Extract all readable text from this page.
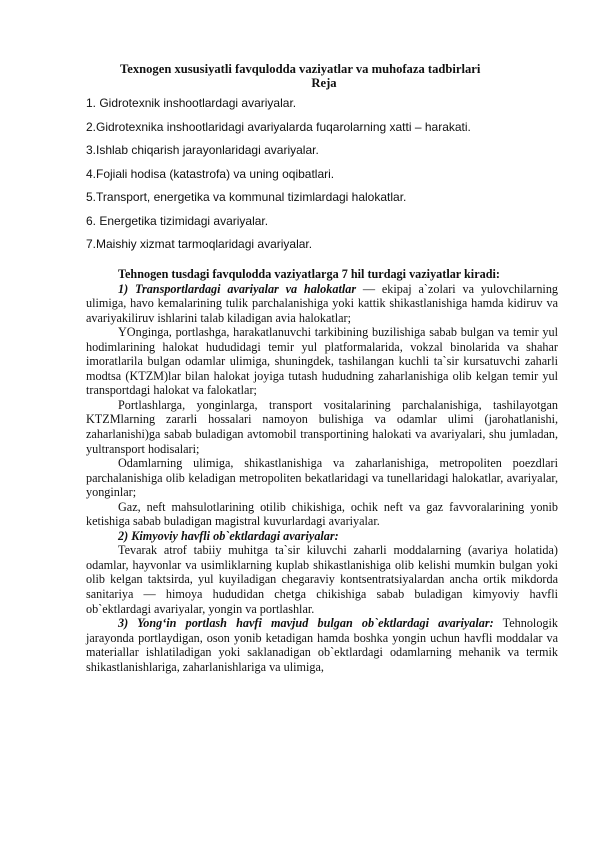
Texnogen xususiyatli favqulodda vaziyatlar va muhofaza tadbirlari
Reja
1. Gidrotexnik inshootlardagi avariyalar.
2.Gidrotexnika inshootlaridagi avariyalarda fuqarolarning xatti – harakati.
3.Ishlab chiqarish jarayonlaridagi avariyalar.
4.Fojiali hodisa (katastrofa) va uning oqibatlari.
5.Transport, energetika va kommunal tizimlardagi halokatlar.
6. Energetika tizimidagi avariyalar.
7.Maishiy xizmat tarmoqlaridagi avariyalar.

Tehnogen tusdagi favqulodda vaziyatlarga 7 hil turdagi vaziyatlar kiradi:

1) Transportlardagi avariyalar va halokatlar — ekipaj a`zolari va yulovchilarning ulimiga, havo kemalarining tulik parchalanishiga yoki kattik shikastlanishiga hamda kidiruv va avariyakiliruv ishlarini talab kiladigan avia halokatlar;

YOnginga, portlashga, harakatlanuvchi tarkibining buzilishiga sabab bulgan va temir yul hodimlarining halokat hududidagi temir yul platformalarida, vokzal binolarida va shahar imoratlarila bulgan odamlar ulimiga, shuningdek, tashilangan kuchli ta`sir kursatuvchi zaharli modtsa (KTZM)lar bilan halokat joyiga tutash hududning zaharlanishiga olib kelgan temir yul transportdagi halokat va falokatlar;

Portlashlarga, yonginlarga, transport vositalarining parchalanishiga, tashilayotgan KTZMlarning zararli hossalari namoyon bulishiga va odamlar ulimi (jarohatlanishi, zaharlanishi)ga sabab buladigan avtomobil transportining halokati va avariyalari, shu jumladan, yultransport hodisalari;

Odamlarning ulimiga, shikastlanishiga va zaharlanishiga, metropoliten poezdlari parchalanishiga olib keladigan metropoliten bekatlaridagi va tunellaridagi halokatlar, avariyalar, yonginlar;

Gaz, neft mahsulotlarining otilib chikishiga, ochik neft va gaz favvoralarining yonib ketishiga sabab buladigan magistral kuvurlardagi avariyalar.

2) Kimyoviy havfli ob`ektlardagi avariyalar:

Tevarak atrof tabiiy muhitga ta`sir kiluvchi zaharli moddalarning (avariya holatida) odamlar, hayvonlar va usimliklarning kuplab shikastlanishiga olib kelishi mumkin bulgan yoki olib kelgan taktsirda, yul kuyiladigan chegaraviy kontsentratsiyalardan ancha ortik mikdorda sanitariya — himoya hududidan chetga chikishiga sabab buladigan kimyoviy havfli ob`ektlardagi avariyalar, yongin va portlashlar.

3) Yong‘in portlash havfi mavjud bulgan ob`ektlardagi avariyalar: Tehnologik jarayonda portlaydigan, oson yonib ketadigan hamda boshka yongin uchun havfli moddalar va materiallar ishlatiladigan yoki saklanadigan ob`ektlardagi odamlarning mehanik va termik shikastlanishlariga, zaharlanishlariga va ulimiga,
